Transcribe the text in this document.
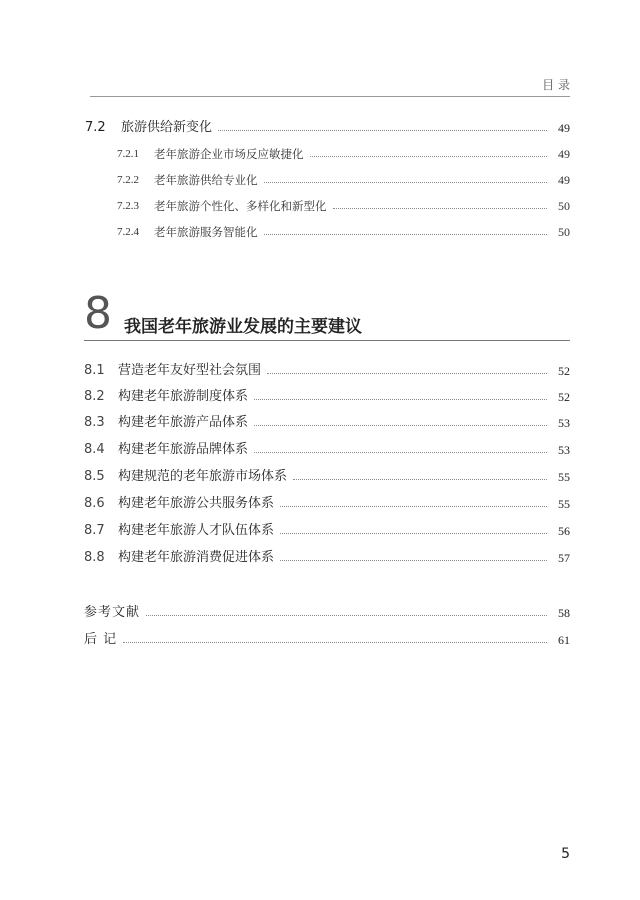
目 录
7.2	旅游供给新变化	49
7.2.1	老年旅游企业市场反应敏捷化	49
7.2.2	老年旅游供给专业化	49
7.2.3	老年旅游个性化、多样化和新型化	50
7.2.4	老年旅游服务智能化	50
8 我国老年旅游业发展的主要建议
8.1	营造老年友好型社会氛围	52
8.2	构建老年旅游制度体系	52
8.3	构建老年旅游产品体系	53
8.4	构建老年旅游品牌体系	53
8.5	构建规范的老年旅游市场体系	55
8.6	构建老年旅游公共服务体系	55
8.7	构建老年旅游人才队伍体系	56
8.8	构建老年旅游消费促进体系	57
参考文献	58
后 记	61
5
